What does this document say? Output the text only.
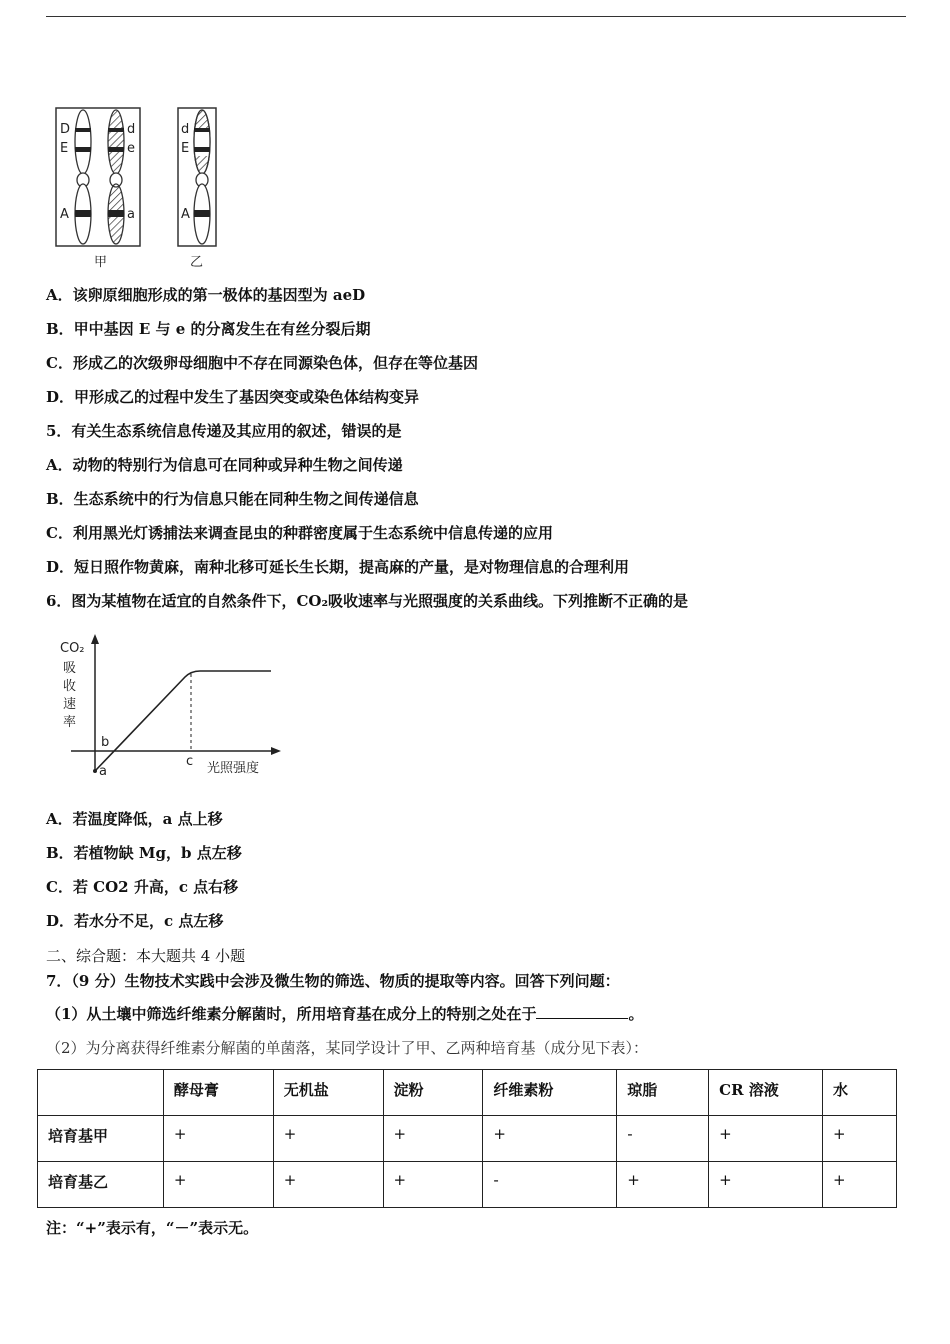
D
E
A
d
e
a
甲
d
E
A
乙
A．该卵原细胞形成的第一极体的基因型为 aeD
B．甲中基因 E 与 e 的分离发生在有丝分裂后期
C．形成乙的次级卵母细胞中不存在同源染色体，但存在等位基因
D．甲形成乙的过程中发生了基因突变或染色体结构变异
5．有关生态系统信息传递及其应用的叙述，错误的是
A．动物的特别行为信息可在同种或异种生物之间传递
B．生态系统中的行为信息只能在同种生物之间传递信息
C．利用黑光灯诱捕法来调查昆虫的种群密度属于生态系统中信息传递的应用
D．短日照作物黄麻，南种北移可延长生长期，提高麻的产量，是对物理信息的合理利用
6．图为某植物在适宜的自然条件下，CO₂吸收速率与光照强度的关系曲线。下列推断不正确的是
CO₂
吸
收
速
率
a
b
c 光照强度
A．若温度降低，a 点上移
B．若植物缺 Mg，b 点左移
C．若 CO2 升高，c 点右移
D．若水分不足，c 点左移
二、综合题：本大题共 4 小题
7．（9 分）生物技术实践中会涉及微生物的筛选、物质的提取等内容。回答下列问题：
（1）从土壤中筛选纤维素分解菌时，所用培育基在成分上的特别之处在于	。
（2）为分离获得纤维素分解菌的单菌落，某同学设计了甲、乙两种培育基（成分见下表）：
	酵母膏	无机盐	淀粉	纤维素粉	琼脂	CR 溶液	水
培育基甲	+	+	+	+	-	+	+
培育基乙	+	+	+	-	+	+	+
注：“+”表示有，“－”表示无。
